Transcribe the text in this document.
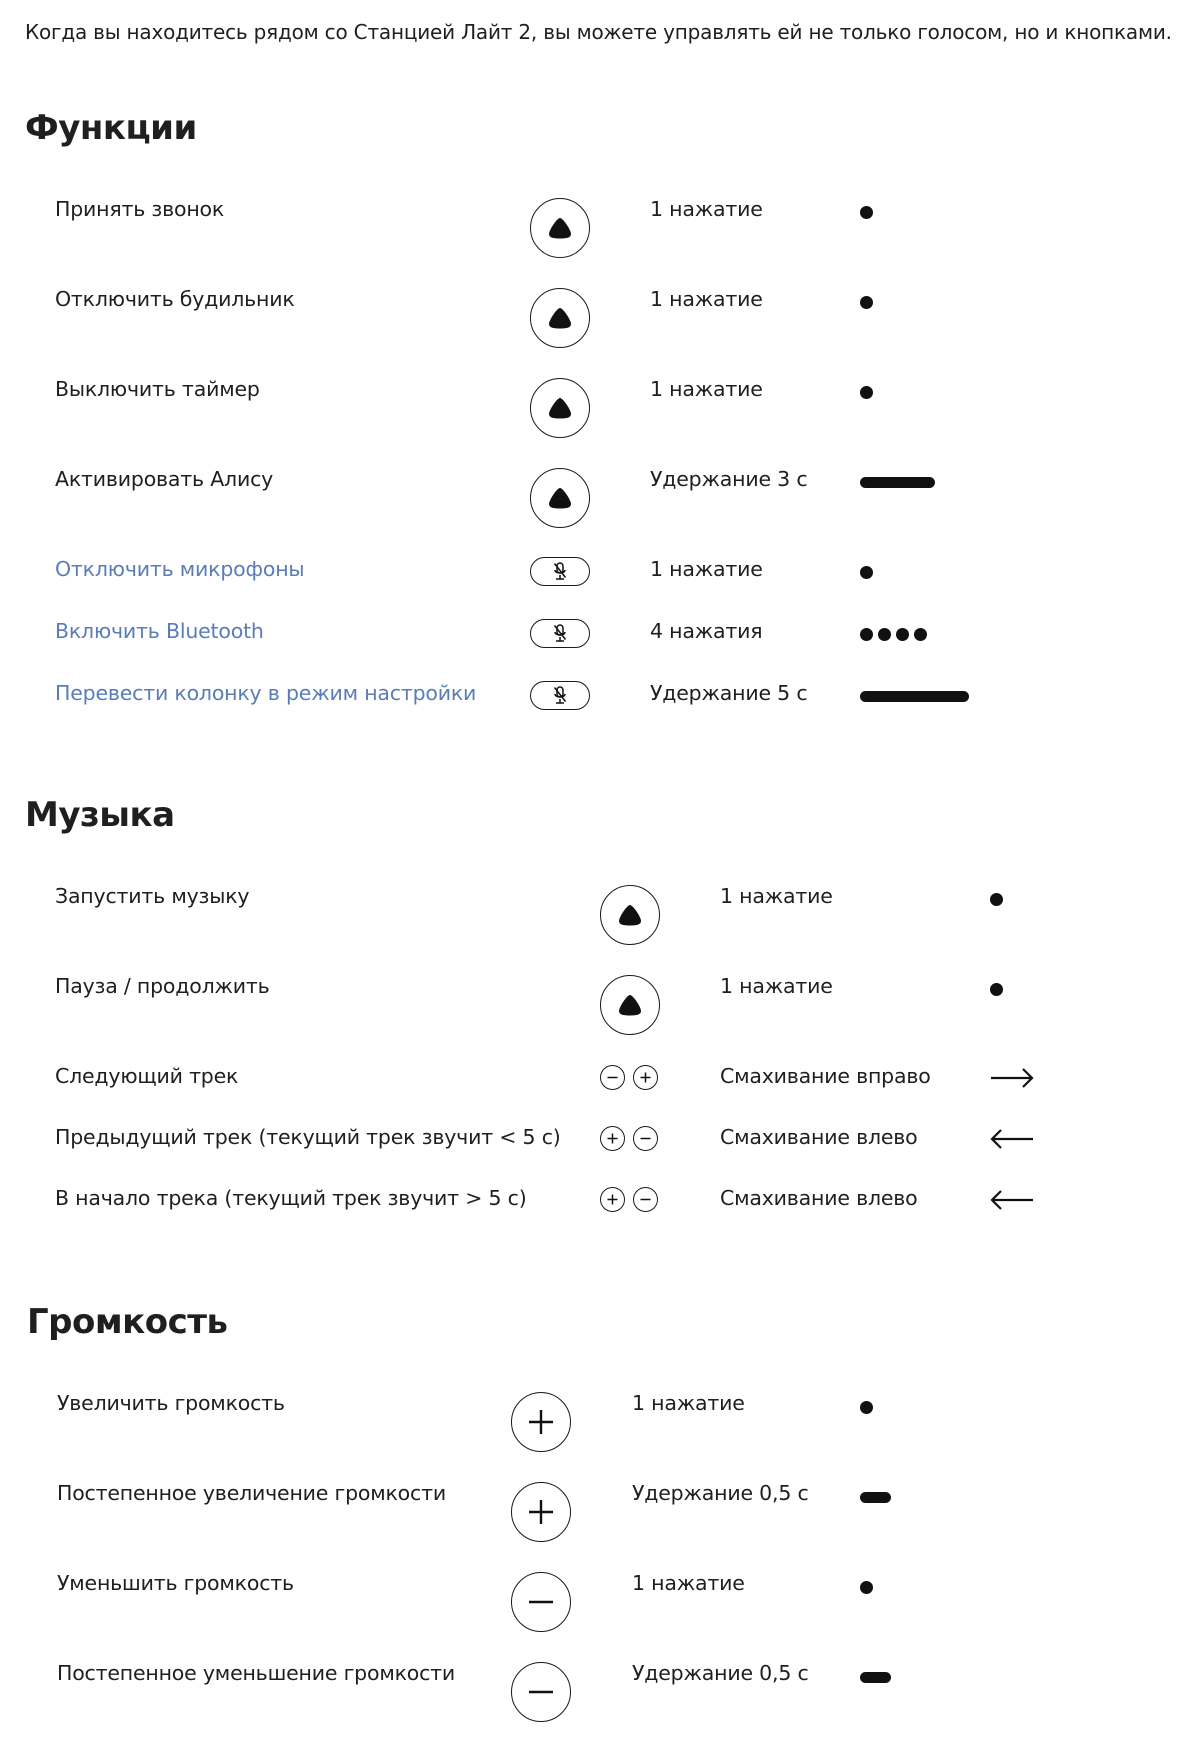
Когда вы находитесь рядом со Станцией Лайт 2, вы можете управлять ей не только голосом, но и кнопками.
Функции
Принять звонок	1 нажатие
Отключить будильник	1 нажатие
Выключить таймер	1 нажатие
Активировать Алису	Удержание 3 с
Отключить микрофоны	1 нажатие
Включить Bluetooth	4 нажатия
Перевести колонку в режим настройки	Удержание 5 с
Музыка
Запустить музыку	1 нажатие
Пауза / продолжить	1 нажатие
Следующий трек	Смахивание вправо
Предыдущий трек (текущий трек звучит < 5 с)	Смахивание влево
В начало трека (текущий трек звучит > 5 с)	Смахивание влево
Громкость
Увеличить громкость	1 нажатие
Постепенное увеличение громкости	Удержание 0,5 с
Уменьшить громкость	1 нажатие
Постепенное уменьшение громкости	Удержание 0,5 с
